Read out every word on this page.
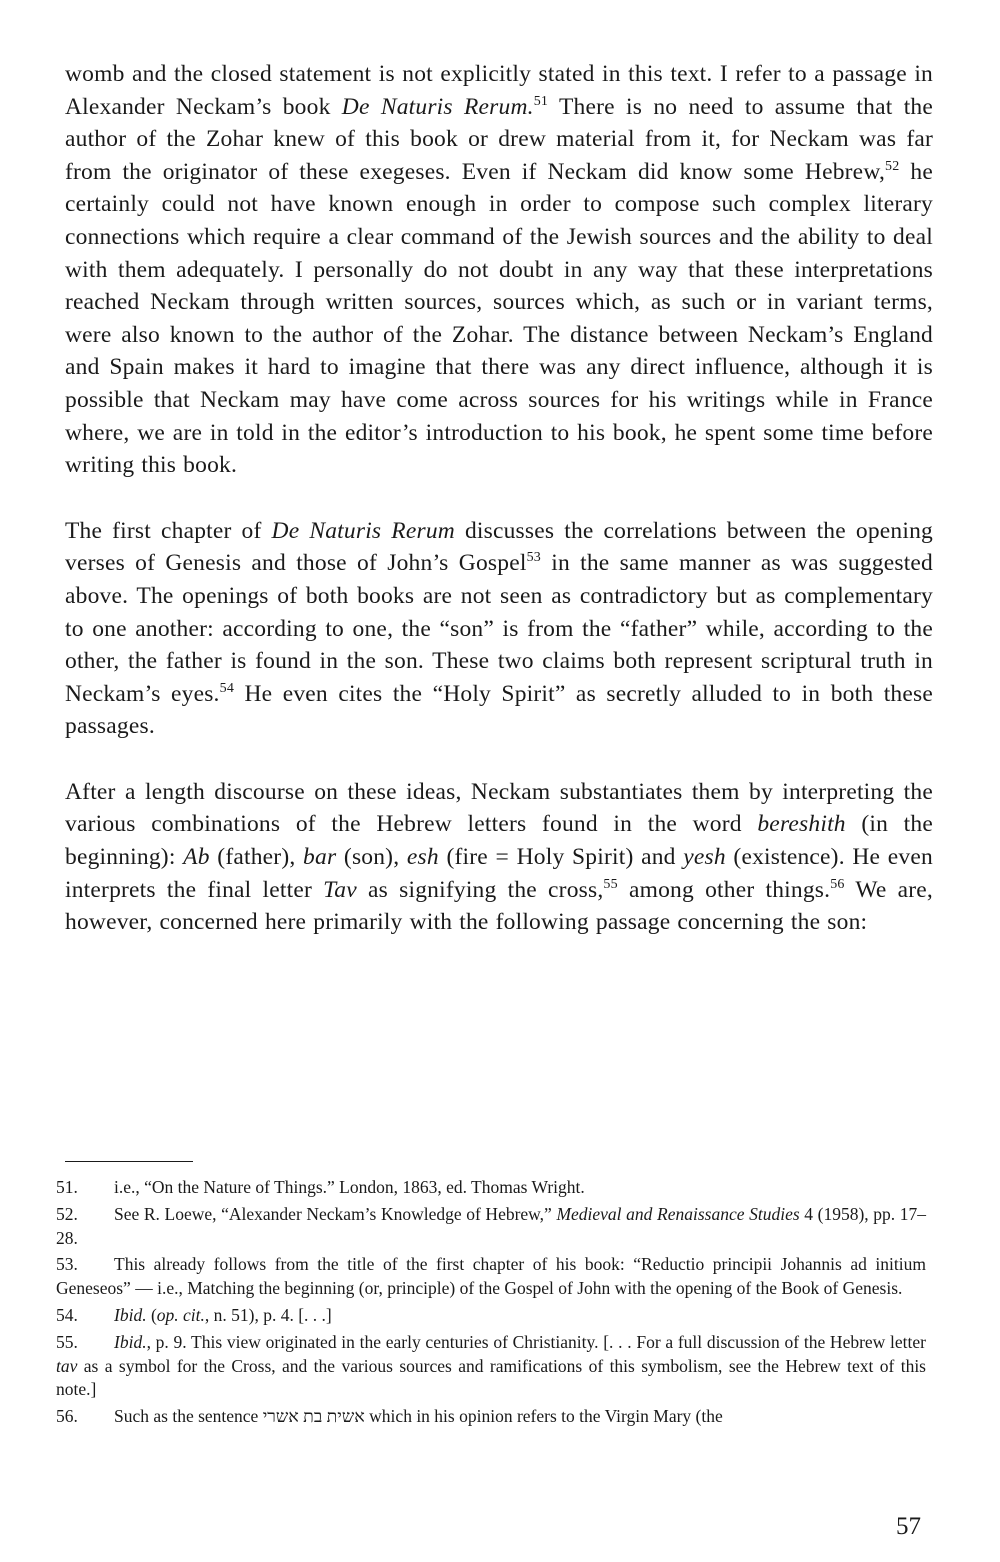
womb and the closed statement is not explicitly stated in this text. I refer to a passage in Alexander Neckam’s book De Naturis Rerum.$^{51}$ There is no need to assume that the author of the Zohar knew of this book or drew material from it, for Neckam was far from the originator of these exegeses. Even if Neckam did know some Hebrew,$^{52}$ he certainly could not have known enough in order to compose such complex literary connections which require a clear command of the Jewish sources and the ability to deal with them adequately. I personally do not doubt in any way that these interpretations reached Neckam through written sources, sources which, as such or in variant terms, were also known to the author of the Zohar. The distance between Neckam’s England and Spain makes it hard to imagine that there was any direct influence, although it is possible that Neckam may have come across sources for his writings while in France where, we are in told in the editor’s introduction to his book, he spent some time before writing this book.

The first chapter of De Naturis Rerum discusses the correlations between the opening verses of Genesis and those of John’s Gospel$^{53}$ in the same manner as was suggested above. The openings of both books are not seen as contradictory but as complementary to one another: according to one, the “son” is from the “father” while, according to the other, the father is found in the son. These two claims both represent scriptural truth in Neckam’s eyes.$^{54}$ He even cites the “Holy Spirit” as secretly alluded to in both these passages.

After a length discourse on these ideas, Neckam substantiates them by interpreting the various combinations of the Hebrew letters found in the word bereshith (in the beginning): Ab (father), bar (son), esh (fire = Holy Spirit) and yesh (existence). He even interprets the final letter Tav as signifying the cross,$^{55}$ among other things.$^{56}$ We are, however, concerned here primarily with the following passage concerning the son:

51. i.e., “On the Nature of Things.” London, 1863, ed. Thomas Wright.

52. See R. Loewe, “Alexander Neckam’s Knowledge of Hebrew,” Medieval and Renaissance Studies 4 (1958), pp. 17–28.

53. This already follows from the title of the first chapter of his book: “Reductio principii Johannis ad initium Geneseos” — i.e., Matching the beginning (or, principle) of the Gospel of John with the opening of the Book of Genesis.

54. Ibid. (op. cit., n. 51), p. 4. [. . .]

55. Ibid., p. 9. This view originated in the early centuries of Christianity. [. . . For a full discussion of the Hebrew letter tav as a symbol for the Cross, and the various sources and ramifications of this symbolism, see the Hebrew text of this note.]

56. Such as the sentence אשית בת אשרי which in his opinion refers to the Virgin Mary (the

57
